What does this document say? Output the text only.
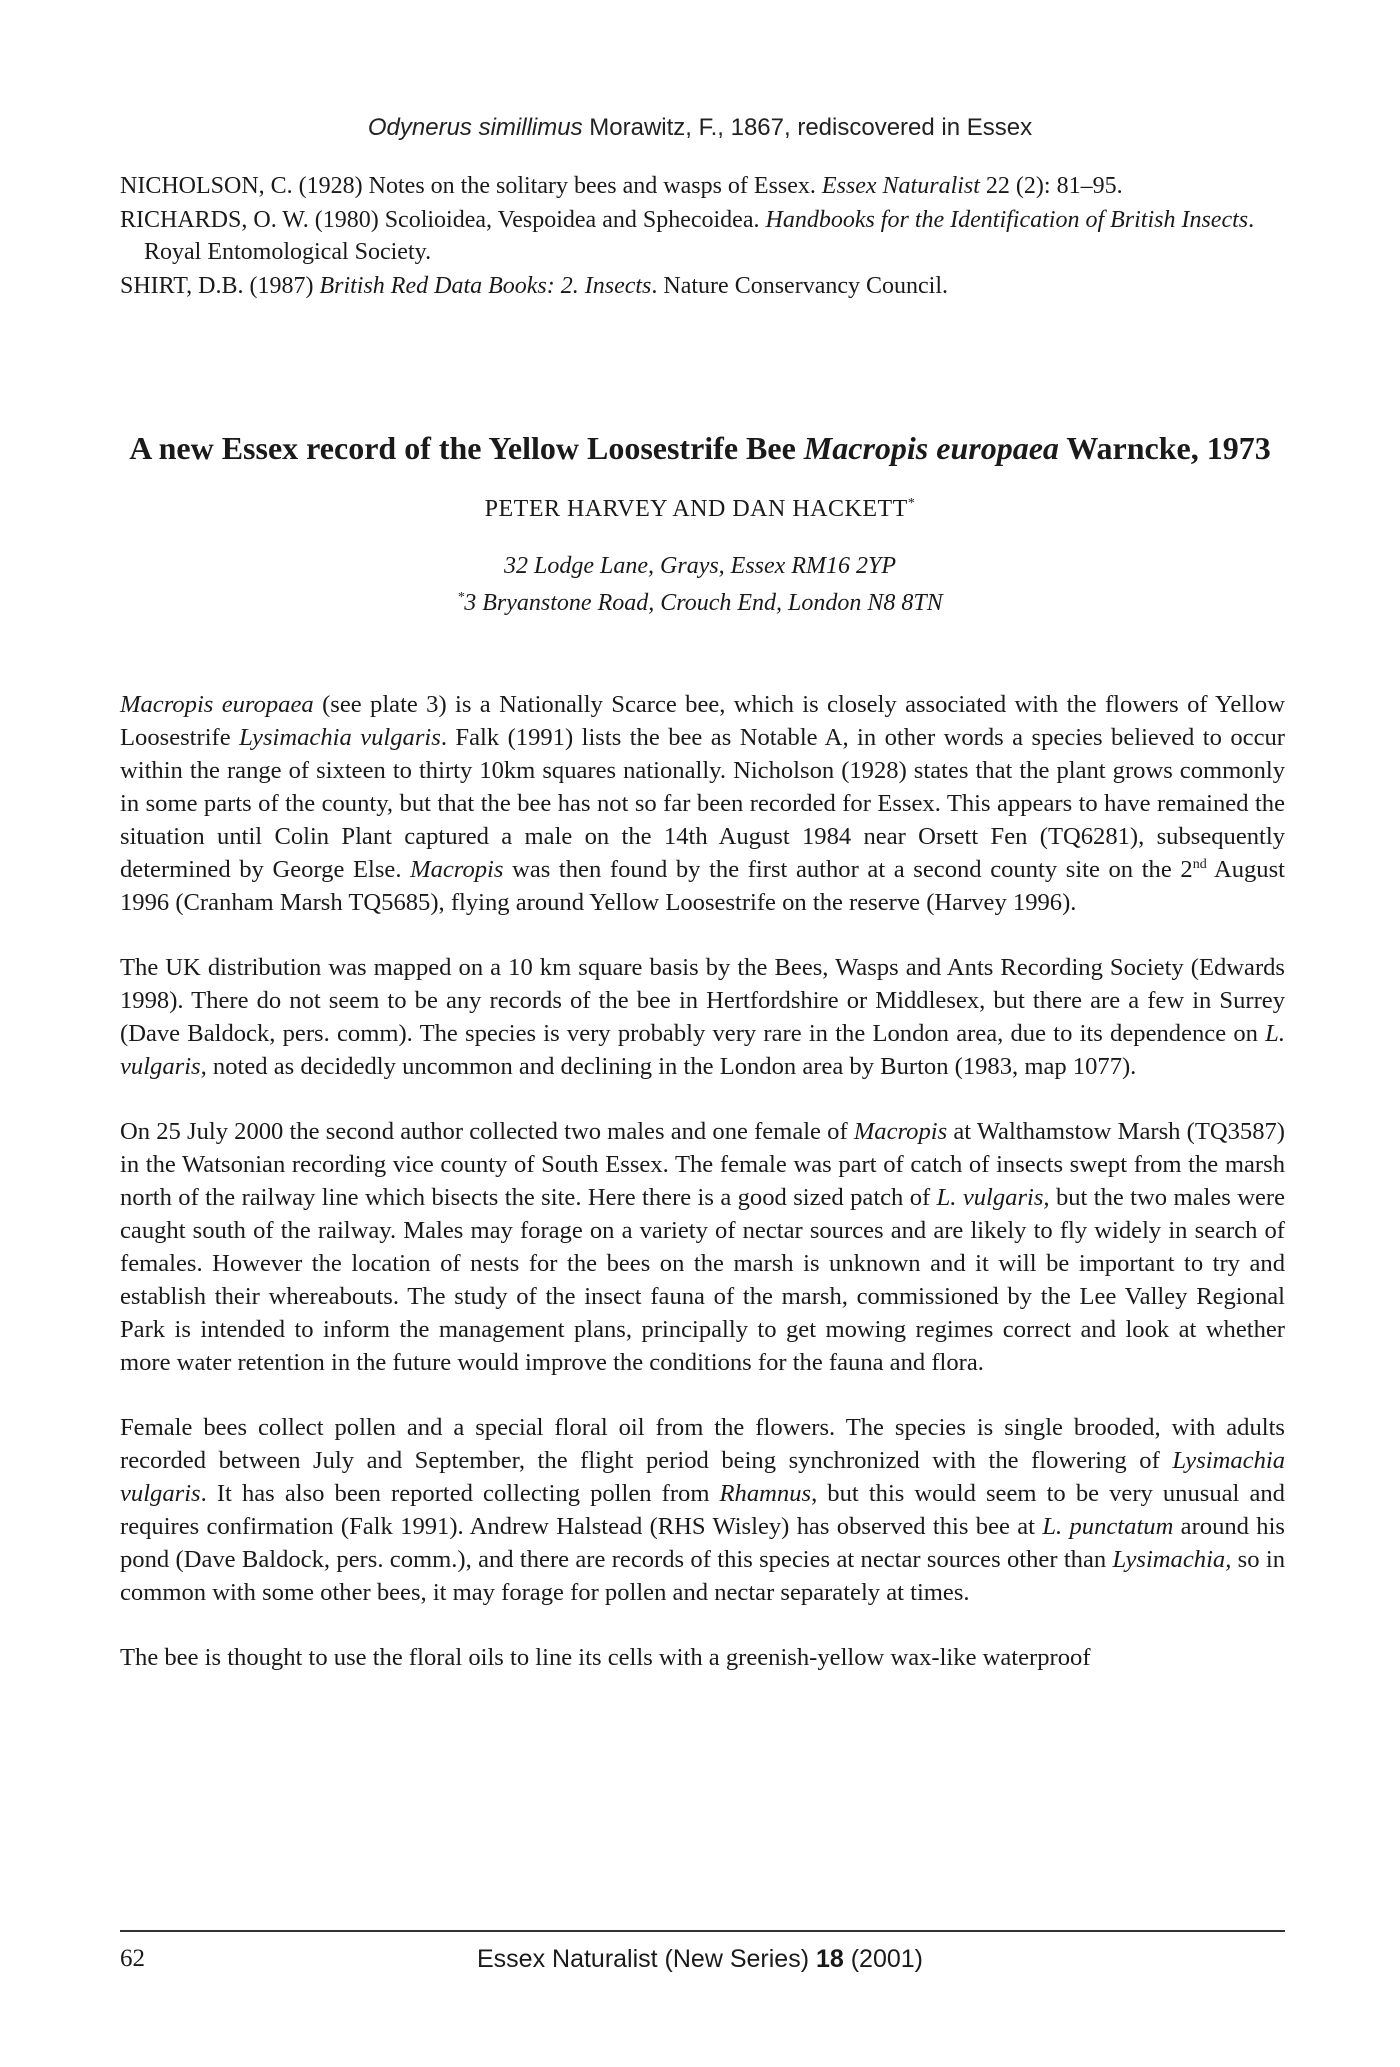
Odynerus simillimus Morawitz, F., 1867, rediscovered in Essex
NICHOLSON, C. (1928) Notes on the solitary bees and wasps of Essex. Essex Naturalist 22 (2): 81–95.
RICHARDS, O. W. (1980) Scolioidea, Vespoidea and Sphecoidea. Handbooks for the Identification of British Insects. Royal Entomological Society.
SHIRT, D.B. (1987) British Red Data Books: 2. Insects. Nature Conservancy Council.
A new Essex record of the Yellow Loosestrife Bee Macropis europaea Warncke, 1973
PETER HARVEY AND DAN HACKETT*
32 Lodge Lane, Grays, Essex RM16 2YP
*3 Bryanstone Road, Crouch End, London N8 8TN

Macropis europaea (see plate 3) is a Nationally Scarce bee, which is closely associated with the flowers of Yellow Loosestrife Lysimachia vulgaris. Falk (1991) lists the bee as Notable A, in other words a species believed to occur within the range of sixteen to thirty 10km squares nationally. Nicholson (1928) states that the plant grows commonly in some parts of the county, but that the bee has not so far been recorded for Essex. This appears to have remained the situation until Colin Plant captured a male on the 14th August 1984 near Orsett Fen (TQ6281), subsequently determined by George Else. Macropis was then found by the first author at a second county site on the 2nd August 1996 (Cranham Marsh TQ5685), flying around Yellow Loosestrife on the reserve (Harvey 1996).

The UK distribution was mapped on a 10 km square basis by the Bees, Wasps and Ants Recording Society (Edwards 1998). There do not seem to be any records of the bee in Hertfordshire or Middlesex, but there are a few in Surrey (Dave Baldock, pers. comm). The species is very probably very rare in the London area, due to its dependence on L. vulgaris, noted as decidedly uncommon and declining in the London area by Burton (1983, map 1077).

On 25 July 2000 the second author collected two males and one female of Macropis at Walthamstow Marsh (TQ3587) in the Watsonian recording vice county of South Essex. The female was part of catch of insects swept from the marsh north of the railway line which bisects the site. Here there is a good sized patch of L. vulgaris, but the two males were caught south of the railway. Males may forage on a variety of nectar sources and are likely to fly widely in search of females. However the location of nests for the bees on the marsh is unknown and it will be important to try and establish their whereabouts. The study of the insect fauna of the marsh, commissioned by the Lee Valley Regional Park is intended to inform the management plans, principally to get mowing regimes correct and look at whether more water retention in the future would improve the conditions for the fauna and flora.

Female bees collect pollen and a special floral oil from the flowers. The species is single brooded, with adults recorded between July and September, the flight period being synchronized with the flowering of Lysimachia vulgaris. It has also been reported collecting pollen from Rhamnus, but this would seem to be very unusual and requires confirmation (Falk 1991). Andrew Halstead (RHS Wisley) has observed this bee at L. punctatum around his pond (Dave Baldock, pers. comm.), and there are records of this species at nectar sources other than Lysimachia, so in common with some other bees, it may forage for pollen and nectar separately at times.

The bee is thought to use the floral oils to line its cells with a greenish-yellow wax-like waterproof

62	Essex Naturalist (New Series) 18 (2001)
